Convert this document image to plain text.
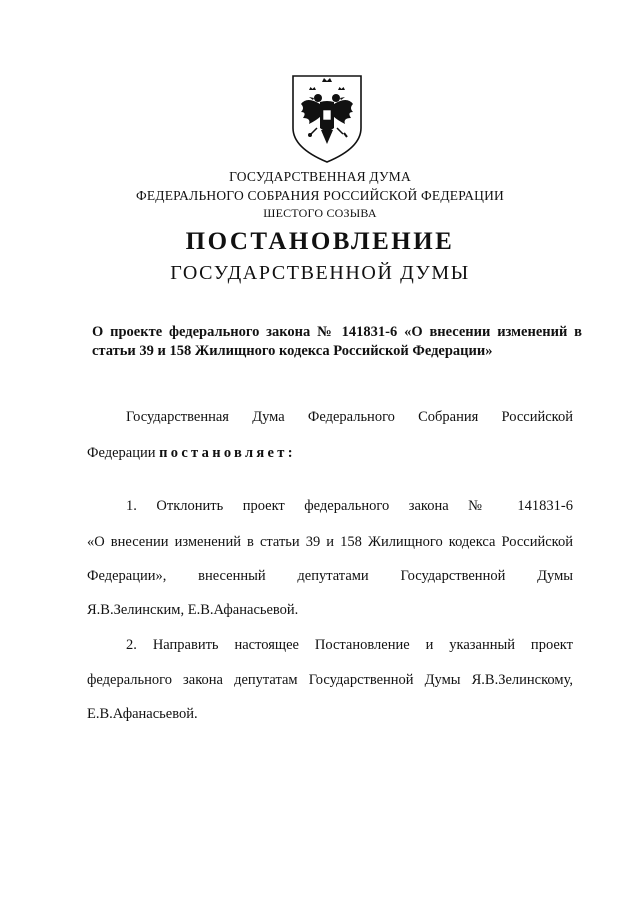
ГОСУДАРСТВЕННАЯ ДУМА
ФЕДЕРАЛЬНОГО СОБРАНИЯ РОССИЙСКОЙ ФЕДЕРАЦИИ
ШЕСТОГО СОЗЫВА
ПОСТАНОВЛЕНИЕ
ГОСУДАРСТВЕННОЙ ДУМЫ
О проекте федерального закона № 141831-6 «О внесении изменений в
статьи 39 и 158 Жилищного кодекса Российской Федерации»
Государственная Дума Федерального Собрания Российской
Федерации постановляет:
1. Отклонить проект федерального закона № 141831-6
«О внесении изменений в статьи 39 и 158 Жилищного кодекса Российской
Федерации», внесенный депутатами Государственной Думы
Я.В.Зелинским, Е.В.Афанасьевой.
2. Направить настоящее Постановление и указанный проект
федерального закона депутатам Государственной Думы Я.В.Зелинскому,
Е.В.Афанасьевой.
